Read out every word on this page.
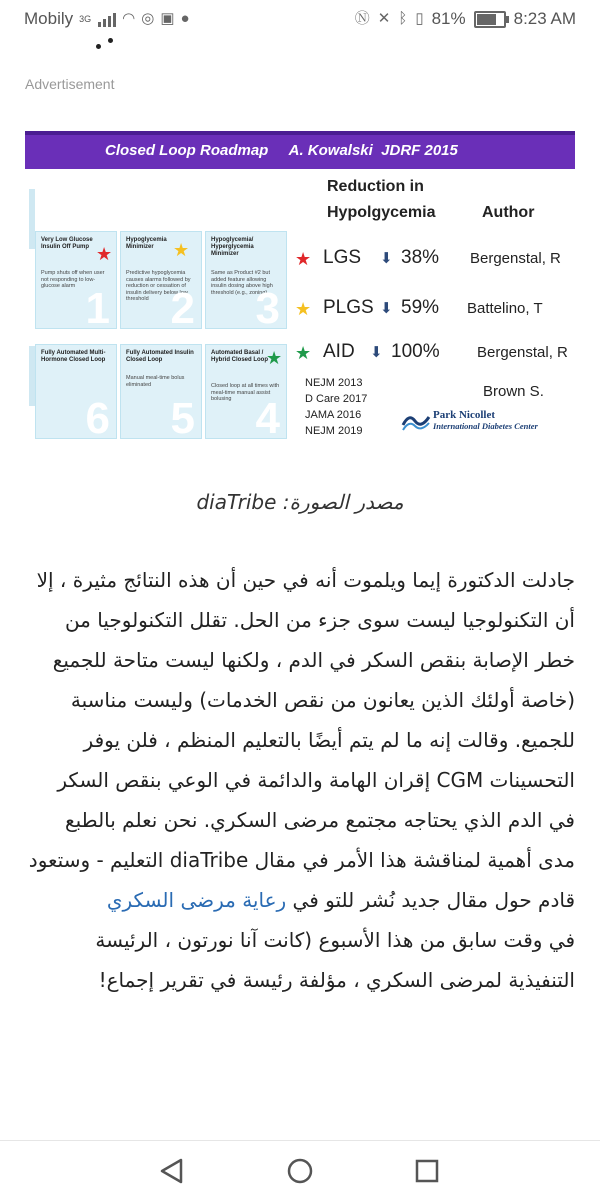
Mobily 3G ◠ ◎ ▣ ●	Ⓝ ✕ ᛒ ▯ 81%	8:23 AM
Advertisement
Closed Loop Roadmap     A. Kowalski  JDRF 2015
Very Low Glucose Insulin Off Pump
Pump shuts off when user not responding to low-glucose alarm 1
★
Hypoglycemia Minimizer
Predictive hypoglycemia causes alarms followed by reduction or cessation of insulin delivery below low threshold 2
★	Hypoglycemia/ Hyperglycemia Minimizer
Same as Product #2 but added feature allowing insulin dosing above high threshold (e.g., zoning)
3
Fully Automated Multi-Hormone Closed Loop
6
Fully Automated Insulin Closed Loop
Manual meal-time bolus eliminated
5
Automated Basal / Hybrid Closed Loop
Closed loop at all times with meal-time manual assist bolusing 4
★
Reduction in
Hypolgycemia	Author
★ LGS ⬇ 38% Bergenstal, R
★ PLGS ⬇ 59% Battelino, T
★ AID ⬇ 100% Bergenstal, R
NEJM 2013
D Care 2017
JAMA 2016
NEJM 2019
Brown S.
Park Nicollet
International Diabetes Center
مصدر الصورة: diaTribe

جادلت الدكتورة إيما ويلموت أنه في حين أن هذه النتائج مثيرة ، إلا أن التكنولوجيا ليست سوى جزء من الحل. تقلل التكنولوجيا من خطر الإصابة بنقص السكر في الدم ، ولكنها ليست متاحة للجميع (خاصة أولئك الذين يعانون من نقص الخدمات) وليست مناسبة للجميع. وقالت إنه ما لم يتم أيضًا بالتعليم المنظم ، فلن يوفر التحسينات CGM إقران الهامة والدائمة في الوعي بنقص السكر في الدم الذي يحتاجه مجتمع مرضى السكري. نحن نعلم بالطبع مدى أهمية لمناقشة هذا الأمر في مقال diaTribe التعليم - وستعود قادم حول مقال جديد نُشر للتو في رعاية مرضى السكري
في وقت سابق من هذا الأسبوع (كانت آنا نورتون ، الرئيسة التنفيذية لمرضى السكري ، مؤلفة رئيسة في تقرير إجماع!
